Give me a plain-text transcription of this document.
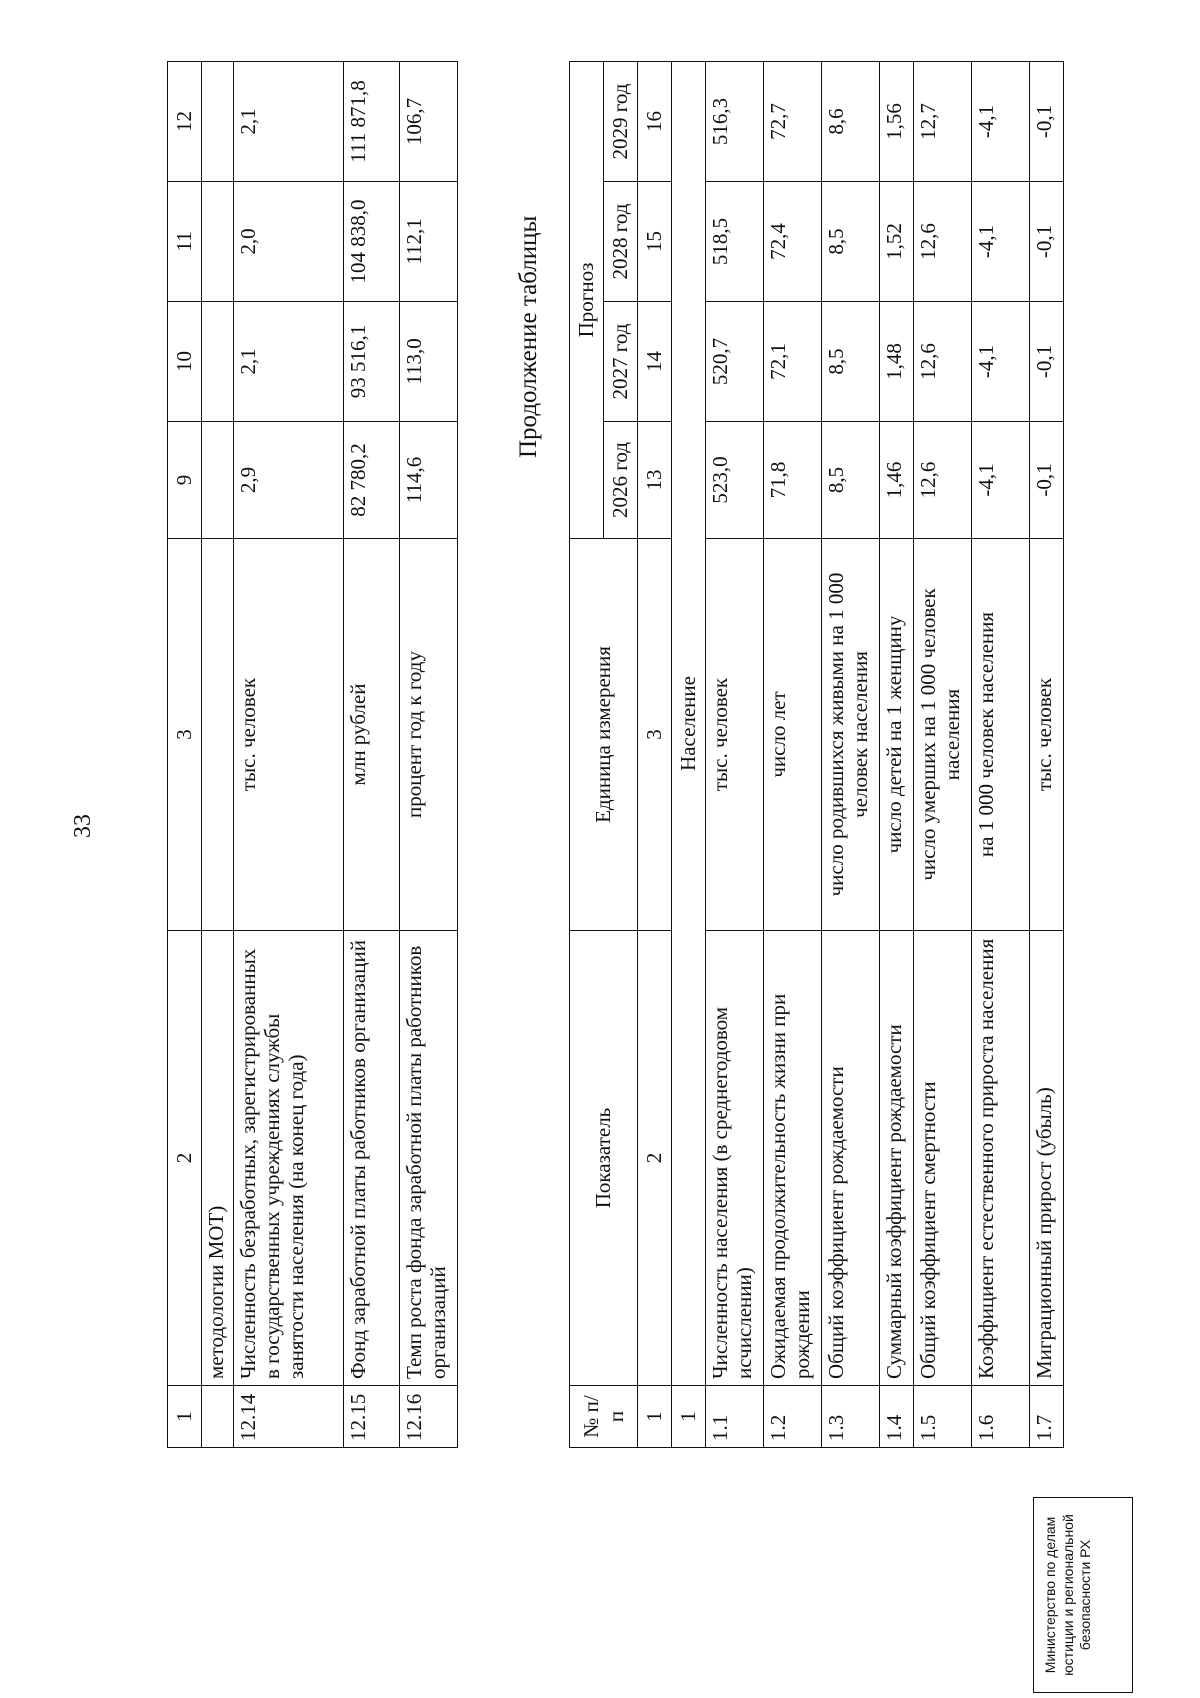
33
1	2	3	9	10	11	12
	методологии МОТ)					
12.14	Численность безработных, зарегистрированных в государственных учреждениях службы занятости населения (на конец года)	тыс. человек	2,9	2,1	2,0	2,1
12.15	Фонд заработной платы работников организаций	млн рублей	82 780,2	93 516,1	104 838,0	111 871,8
12.16	Темп роста фонда заработной платы работников организаций	процент год к году	114,6	113,0	112,1	106,7
Продолжение таблицы
№ п/п	Показатель	Единица измерения	Прогноз			
			2026 год	2027 год	2028 год	2029 год
1	2	3	13	14	15	16
1	Население					
1.1	Численность населения (в среднегодовом исчислении)	тыс. человек	523,0	520,7	518,5	516,3
1.2	Ожидаемая продолжительность жизни при рождении	число лет	71,8	72,1	72,4	72,7
1.3	Общий коэффициент рождаемости	число родившихся живыми на 1 000 человек населения	8,5	8,5	8,5	8,6
1.4	Суммарный коэффициент рождаемости	число детей на 1 женщину	1,46	1,48	1,52	1,56
1.5	Общий коэффициент смертности	число умерших на 1 000 человек населения	12,6	12,6	12,6	12,7
1.6	Коэффициент естественного прироста населения	на 1 000 человек населения	-4,1	-4,1	-4,1	-4,1
1.7	Миграционный прирост (убыль)	тыс. человек	-0,1	-0,1	-0,1	-0,1
Министерство по делам юстиции и региональной безопасности РХ
